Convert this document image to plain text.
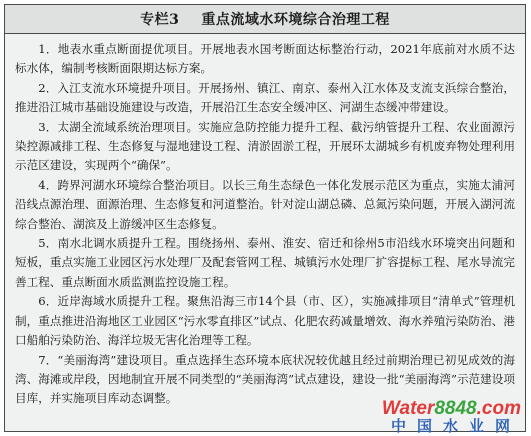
专栏3 重点流域水环境综合治理工程

1．地表水重点断面提优项目。开展地表水国考断面达标整治行动，2021年底前对水质不达标水体，编制考核断面限期达标方案。

2．入江支流水环境提升项目。开展扬州、镇江、南京、泰州入江水体及支流支浜综合整治，推进沿江城市基础设施建设与改造，开展沿江生态安全缓冲区、河湖生态缓冲带建设。

3．太湖全流域系统治理项目。实施应急防控能力提升工程、截污纳管提升工程、农业面源污染控源减排工程、生态修复与湿地建设工程、清淤固淤工程，开展环太湖城乡有机废弃物处理利用示范区建设，实现两个“确保”。

4．跨界河湖水环境综合整治项目。以长三角生态绿色一体化发展示范区为重点，实施太浦河沿线点源治理、面源治理、生态修复和河道整治。针对淀山湖总磷、总氮污染问题，开展入湖河流综合整治、湖滨及上游缓冲区生态修复。

5．南水北调水质提升工程。围绕扬州、泰州、淮安、宿迁和徐州5市沿线水环境突出问题和短板，重点实施工业园区污水处理厂及配套管网工程、城镇污水处理厂扩容提标工程、尾水导流完善工程、重点断面水质监测监控设施工程。

6．近岸海域水质提升工程。聚焦沿海三市14个县（市、区），实施减排项目“清单式”管理机制，重点推进沿海地区工业园区“污水零直排区”试点、化肥农药减量增效、海水养殖污染防治、港口船舶污染防治、海洋垃圾无害化治理等工程。

7．“美丽海湾”建设项目。重点选择生态环境本底状况较优越且经过前期治理已初见成效的海湾、海滩或岸段，因地制宜开展不同类型的“美丽海湾”试点建设，建设一批“美丽海湾”示范建设项目库，并实施项目库动态调整。	Water8848.com
中国水业网
